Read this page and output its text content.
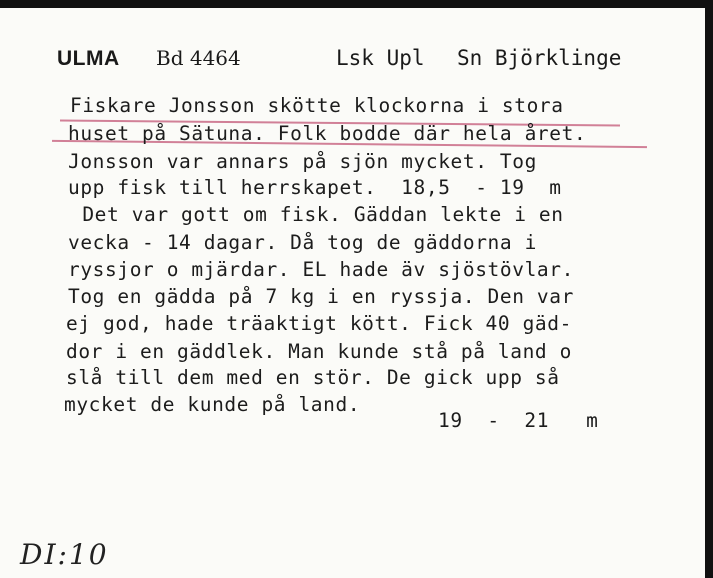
ULMA Bd 4464	Lsk Upl Sn Björklinge
Fiskare Jonsson skötte klockorna i stora
huset på Sätuna. Folk bodde där hela året.
Jonsson var annars på sjön mycket. Tog
upp fisk till herrskapet.  18,5  - 19  m
Det var gott om fisk. Gäddan lekte i en
vecka - 14 dagar. Då tog de gäddorna i
ryssjor o mjärdar. EL hade äv sjöstövlar.
Tog en gädda på 7 kg i en ryssja. Den var
ej god, hade träaktigt kött. Fick 40 gäd-
dor i en gäddlek. Man kunde stå på land o
slå till dem med en stör. De gick upp så
mycket de kunde på land.
19  -  21   m
DI:10
